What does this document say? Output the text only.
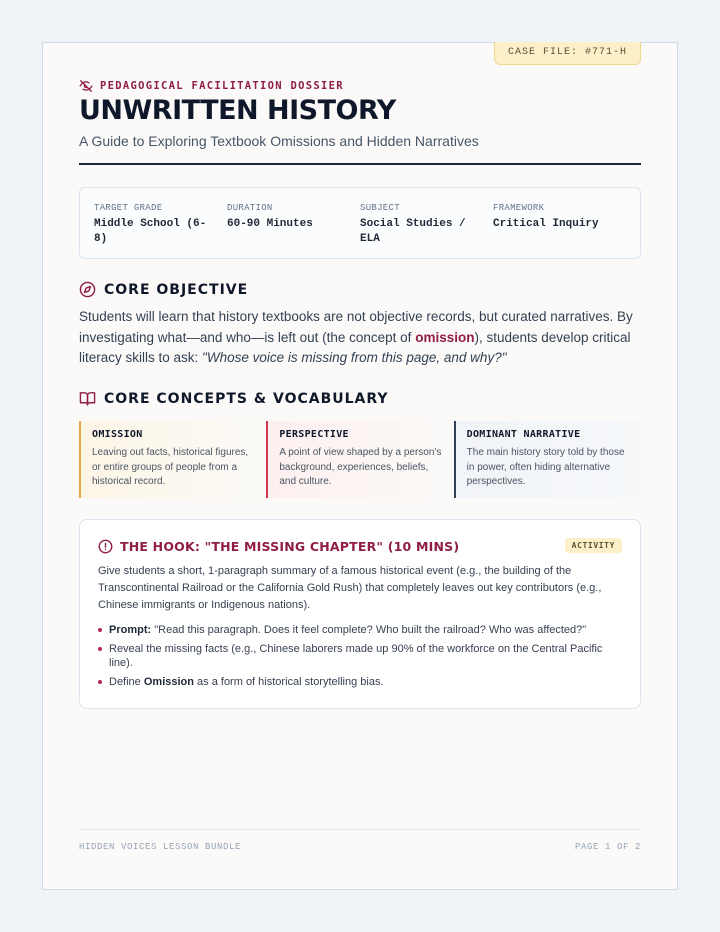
CASE FILE: #771-H
PEDAGOGICAL FACILITATION DOSSIER
UNWRITTEN HISTORY
A Guide to Exploring Textbook Omissions and Hidden Narratives
TARGET GRADE
Middle School (6-8)
DURATION
60-90 Minutes
SUBJECT
Social Studies / ELA
FRAMEWORK
Critical Inquiry
CORE OBJECTIVE

Students will learn that history textbooks are not objective records, but curated narratives. By investigating what—and who—is left out (the concept of omission), students develop critical literacy skills to ask: "Whose voice is missing from this page, and why?"

CORE CONCEPTS & VOCABULARY
OMISSION
Leaving out facts, historical figures, or entire groups of people from a historical record.
PERSPECTIVE
A point of view shaped by a person's background, experiences, beliefs, and culture.
DOMINANT NARRATIVE
The main history story told by those in power, often hiding alternative perspectives.
THE HOOK: "THE MISSING CHAPTER" (10 MINS)	ACTIVITY

Give students a short, 1-paragraph summary of a famous historical event (e.g., the building of the Transcontinental Railroad or the California Gold Rush) that completely leaves out key contributors (e.g., Chinese immigrants or Indigenous nations).

Prompt: "Read this paragraph. Does it feel complete? Who built the railroad? Who was affected?"
Reveal the missing facts (e.g., Chinese laborers made up 90% of the workforce on the Central Pacific line).
Define Omission as a form of historical storytelling bias.
HIDDEN VOICES LESSON BUNDLE	PAGE 1 OF 2
